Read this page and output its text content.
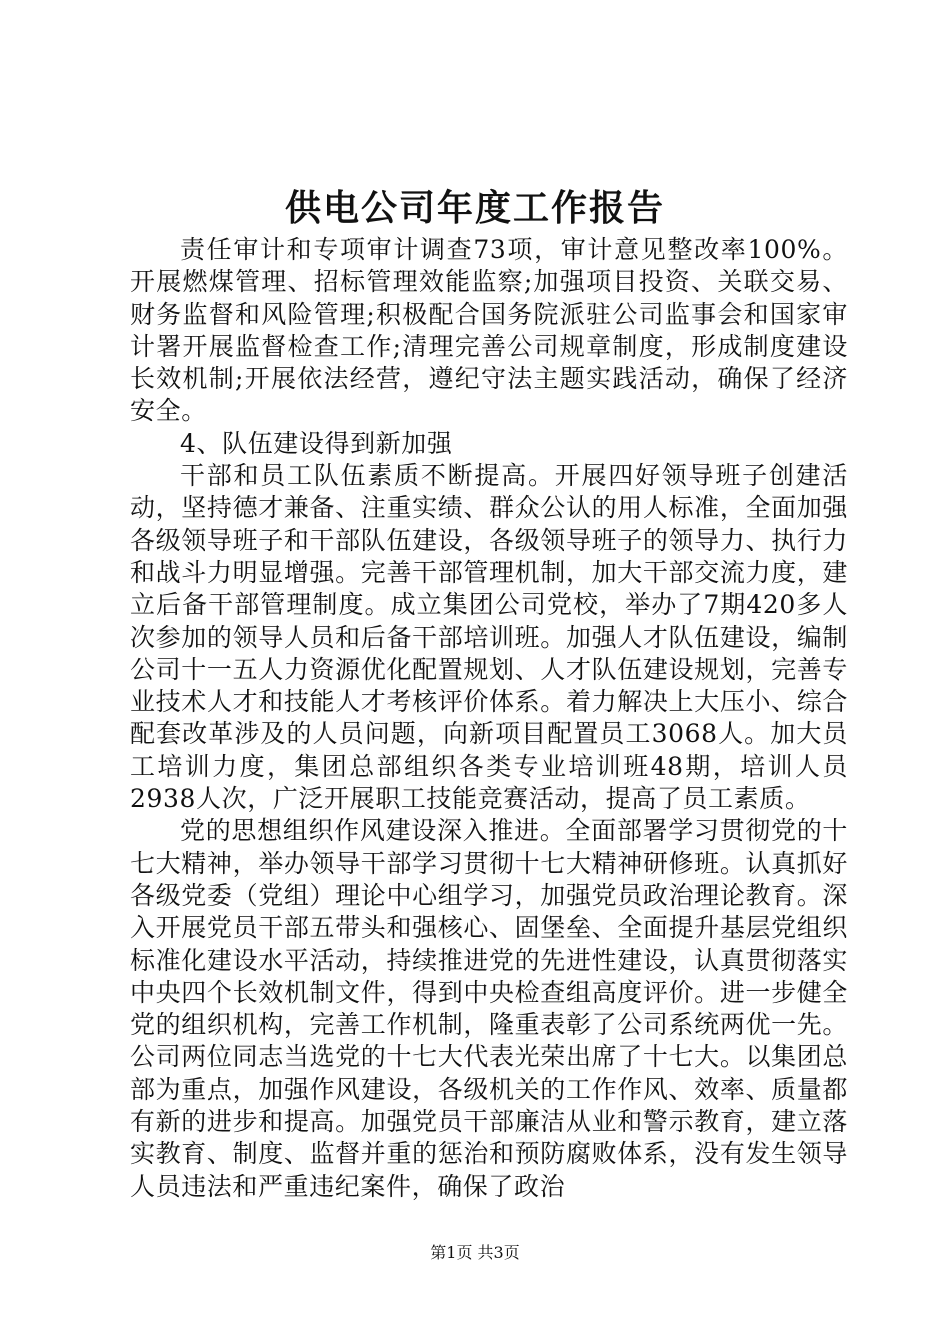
供电公司年度工作报告

责任审计和专项审计调查73项，审计意见整改率100%。开展燃煤管理、招标管理效能监察;加强项目投资、关联交易、财务监督和风险管理;积极配合国务院派驻公司监事会和国家审计署开展监督检查工作;清理完善公司规章制度，形成制度建设长效机制;开展依法经营，遵纪守法主题实践活动，确保了经济安全。

4、队伍建设得到新加强

干部和员工队伍素质不断提高。开展四好领导班子创建活动，坚持德才兼备、注重实绩、群众公认的用人标准，全面加强各级领导班子和干部队伍建设，各级领导班子的领导力、执行力和战斗力明显增强。完善干部管理机制，加大干部交流力度，建立后备干部管理制度。成立集团公司党校，举办了7期420多人次参加的领导人员和后备干部培训班。加强人才队伍建设，编制公司十一五人力资源优化配置规划、人才队伍建设规划，完善专业技术人才和技能人才考核评价体系。着力解决上大压小、综合配套改革涉及的人员问题，向新项目配置员工3068人。加大员工培训力度，集团总部组织各类专业培训班48期，培训人员2938人次，广泛开展职工技能竞赛活动，提高了员工素质。

党的思想组织作风建设深入推进。全面部署学习贯彻党的十七大精神，举办领导干部学习贯彻十七大精神研修班。认真抓好各级党委（党组）理论中心组学习，加强党员政治理论教育。深入开展党员干部五带头和强核心、固堡垒、全面提升基层党组织标准化建设水平活动，持续推进党的先进性建设，认真贯彻落实中央四个长效机制文件，得到中央检查组高度评价。进一步健全党的组织机构，完善工作机制，隆重表彰了公司系统两优一先。公司两位同志当选党的十七大代表光荣出席了十七大。以集团总部为重点，加强作风建设，各级机关的工作作风、效率、质量都有新的进步和提高。加强党员干部廉洁从业和警示教育，建立落实教育、制度、监督并重的惩治和预防腐败体系，没有发生领导人员违法和严重违纪案件，确保了政治

第1页 共3页
